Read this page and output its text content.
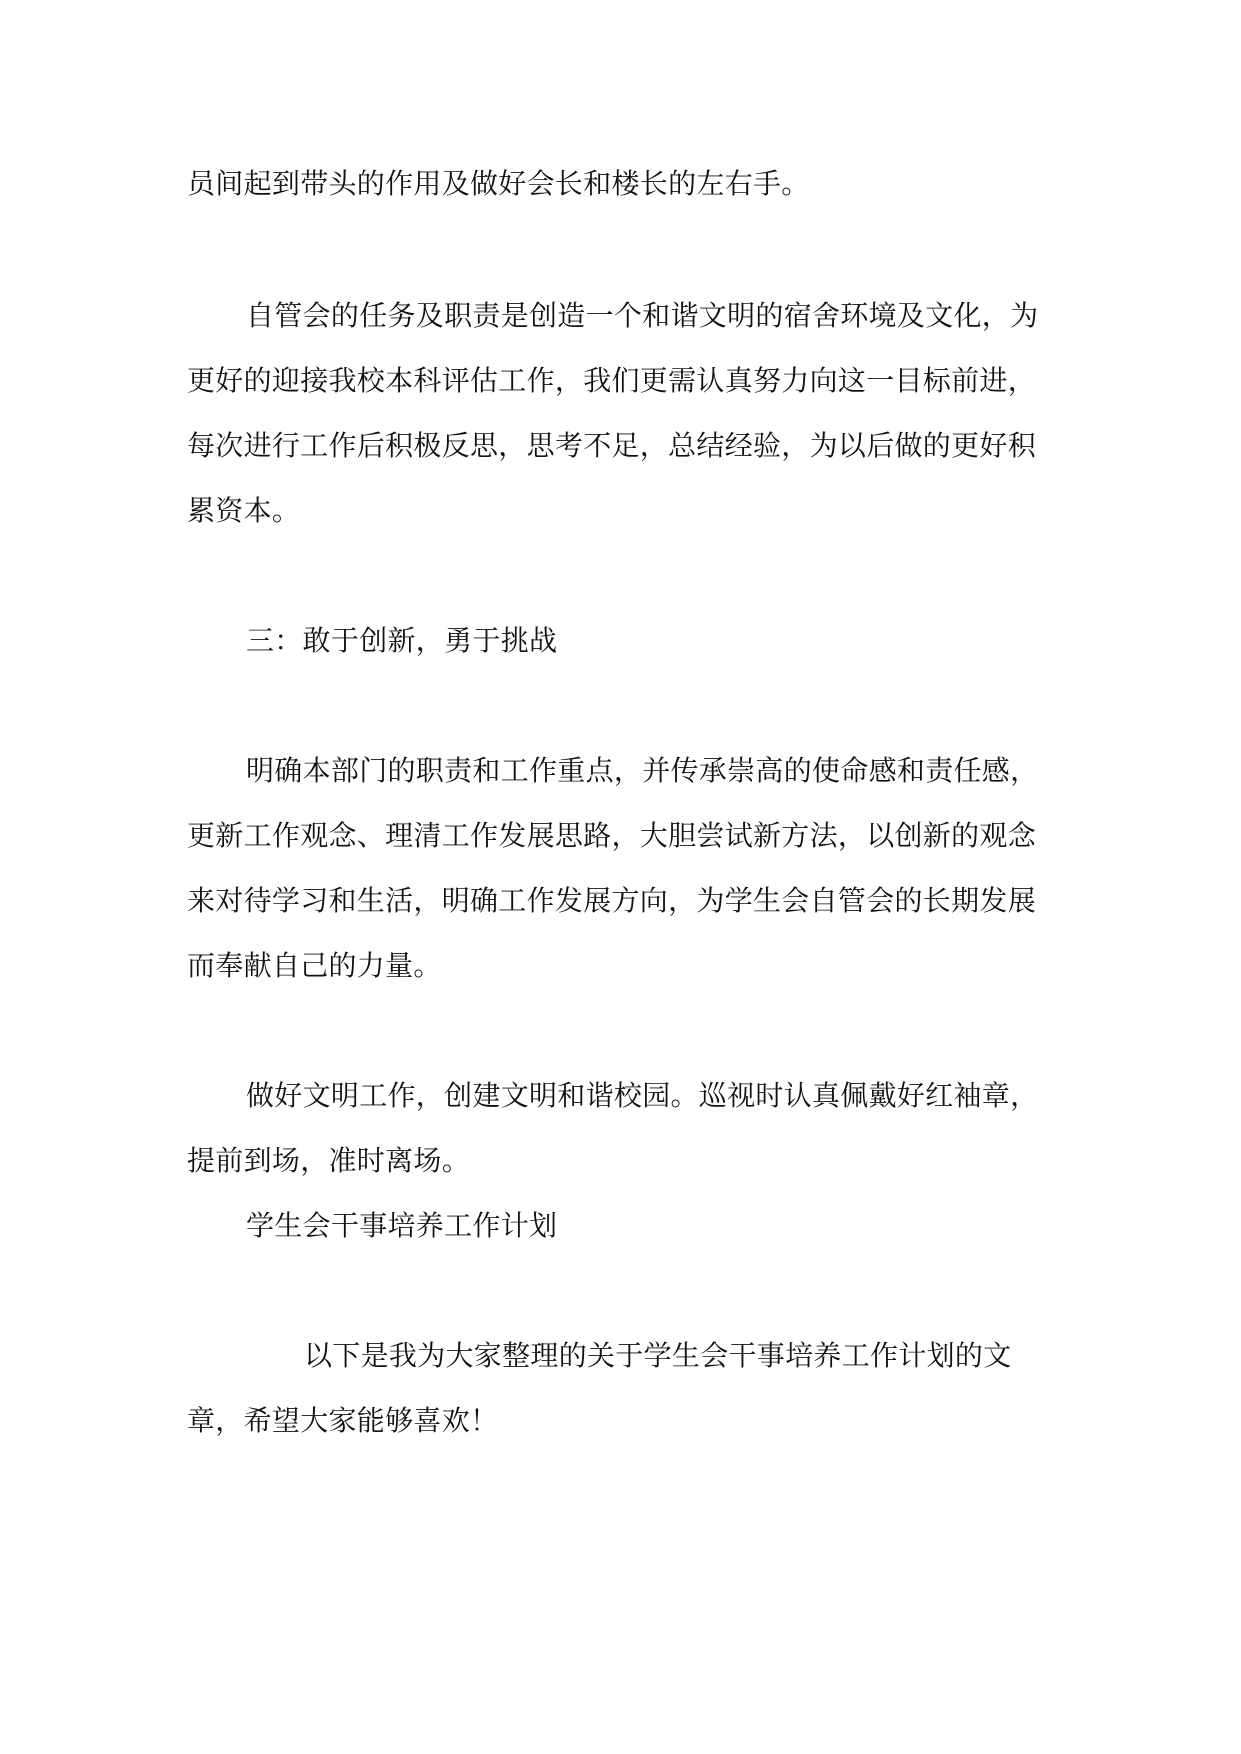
员间起到带头的作用及做好会长和楼长的左右手。
自管会的任务及职责是创造一个和谐文明的宿舍环境及文化，为
更好的迎接我校本科评估工作，我们更需认真努力向这一目标前进，
每次进行工作后积极反思，思考不足，总结经验，为以后做的更好积
累资本。
三：敢于创新，勇于挑战
明确本部门的职责和工作重点，并传承崇高的使命感和责任感，
更新工作观念、理清工作发展思路，大胆尝试新方法，以创新的观念
来对待学习和生活，明确工作发展方向，为学生会自管会的长期发展
而奉献自己的力量。
做好文明工作，创建文明和谐校园。巡视时认真佩戴好红袖章，
提前到场，准时离场。
学生会干事培养工作计划
以下是我为大家整理的关于学生会干事培养工作计划的文
章，希望大家能够喜欢！
